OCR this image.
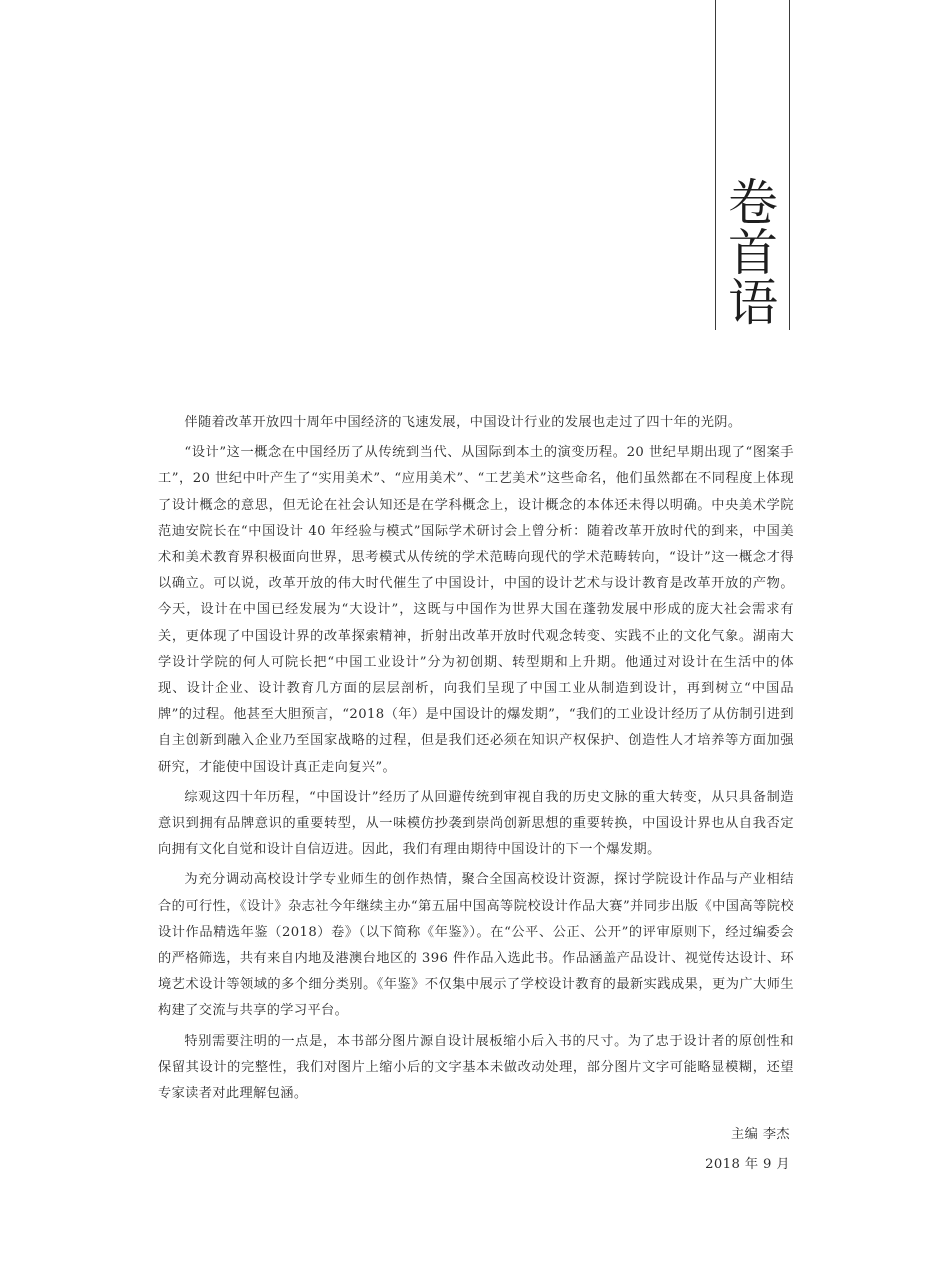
卷
首
语

伴随着改革开放四十周年中国经济的飞速发展，中国设计行业的发展也走过了四十年的光阴。

“设计”这一概念在中国经历了从传统到当代、从国际到本土的演变历程。20 世纪早期出现了“图案手工”，20 世纪中叶产生了“实用美术”、“应用美术”、“工艺美术”这些命名，他们虽然都在不同程度上体现了设计概念的意思，但无论在社会认知还是在学科概念上，设计概念的本体还未得以明确。中央美术学院范迪安院长在“中国设计 40 年经验与模式”国际学术研讨会上曾分析：随着改革开放时代的到来，中国美术和美术教育界积极面向世界，思考模式从传统的学术范畴向现代的学术范畴转向，“设计”这一概念才得以确立。可以说，改革开放的伟大时代催生了中国设计，中国的设计艺术与设计教育是改革开放的产物。今天，设计在中国已经发展为“大设计”，这既与中国作为世界大国在蓬勃发展中形成的庞大社会需求有关，更体现了中国设计界的改革探索精神，折射出改革开放时代观念转变、实践不止的文化气象。湖南大学设计学院的何人可院长把“中国工业设计”分为初创期、转型期和上升期。他通过对设计在生活中的体现、设计企业、设计教育几方面的层层剖析，向我们呈现了中国工业从制造到设计，再到树立“中国品牌”的过程。他甚至大胆预言，“2018（年）是中国设计的爆发期”，“我们的工业设计经历了从仿制引进到自主创新到融入企业乃至国家战略的过程，但是我们还必须在知识产权保护、创造性人才培养等方面加强研究，才能使中国设计真正走向复兴”。

综观这四十年历程，“中国设计”经历了从回避传统到审视自我的历史文脉的重大转变，从只具备制造意识到拥有品牌意识的重要转型，从一味模仿抄袭到崇尚创新思想的重要转换，中国设计界也从自我否定向拥有文化自觉和设计自信迈进。因此，我们有理由期待中国设计的下一个爆发期。

为充分调动高校设计学专业师生的创作热情，聚合全国高校设计资源，探讨学院设计作品与产业相结合的可行性，《设计》杂志社今年继续主办“第五届中国高等院校设计作品大赛”并同步出版《中国高等院校设计作品精选年鉴（2018）卷》（以下简称《年鉴》）。在“公平、公正、公开”的评审原则下，经过编委会的严格筛选，共有来自内地及港澳台地区的 396 件作品入选此书。作品涵盖产品设计、视觉传达设计、环境艺术设计等领域的多个细分类别。《年鉴》不仅集中展示了学校设计教育的最新实践成果，更为广大师生构建了交流与共享的学习平台。

特别需要注明的一点是，本书部分图片源自设计展板缩小后入书的尺寸。为了忠于设计者的原创性和保留其设计的完整性，我们对图片上缩小后的文字基本未做改动处理，部分图片文字可能略显模糊，还望专家读者对此理解包涵。

主编 李杰
2018 年 9 月
